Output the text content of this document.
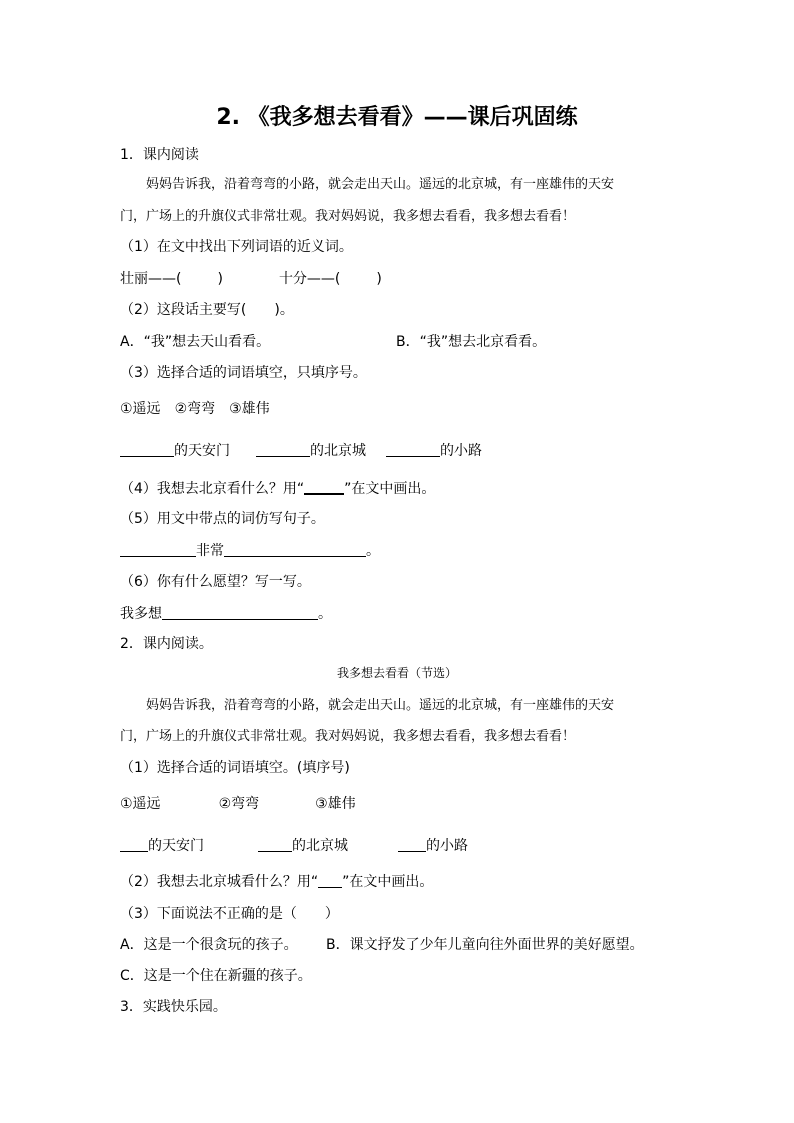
2. 《我多想去看看》——课后巩固练
1．课内阅读
妈妈告诉我，沿着弯弯的小路，就会走出天山。遥远的北京城，有一座雄伟的天安
门，广场上的升旗仪式非常壮观。我对妈妈说，我多想去看看，我多想去看看！
（1）在文中找出下列词语的近义词。
壮丽——(	)	十分——(	)
（2）这段话主要写(　　)。
A．“我”想去天山看看。	B．“我”想去北京看看。
（3）选择合适的词语填空，只填序号。
①遥远 ②弯弯 ③雄伟
的天安门	的北京城	的小路
（4）我想去北京看什么？用“	”在文中画出。
（5）用文中带点的词仿写句子。
非常	。
（6）你有什么愿望？写一写。
我多想	。
2．课内阅读。
我多想去看看（节选）
妈妈告诉我，沿着弯弯的小路，就会走出天山。遥远的北京城，有一座雄伟的天安
门，广场上的升旗仪式非常壮观。我对妈妈说，我多想去看看，我多想去看看！
（1）选择合适的词语填空。(填序号)
①遥远	②弯弯	③雄伟
的天安门	的北京城	的小路
（2）我想去北京城看什么？用“ ”在文中画出。
（3）下面说法不正确的是（　　）
A．这是一个很贪玩的孩子。 B．课文抒发了少年儿童向往外面世界的美好愿望。
C．这是一个住在新疆的孩子。
3．实践快乐园。
